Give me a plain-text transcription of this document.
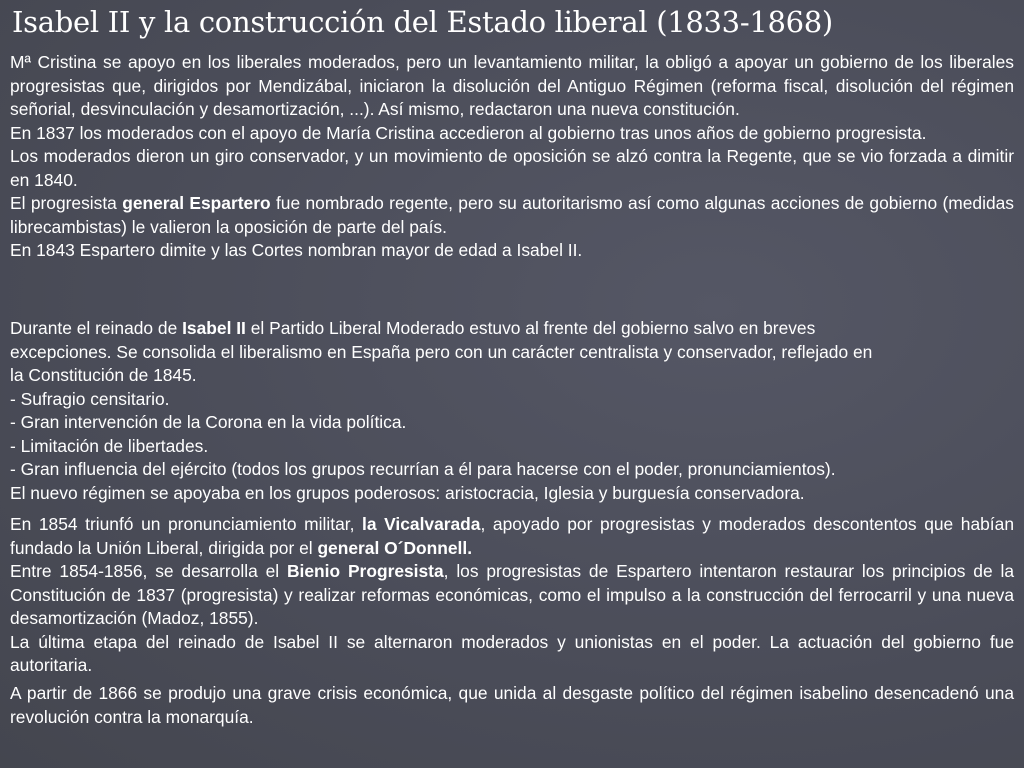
Isabel II y la construcción del Estado liberal (1833-1868)
Mª Cristina se apoyo en los liberales moderados, pero un levantamiento militar, la obligó a apoyar un gobierno de los liberales progresistas que, dirigidos por Mendizábal, iniciaron la disolución del Antiguo Régimen (reforma fiscal, disolución del régimen señorial, desvinculación y desamortización, ...). Así mismo, redactaron una nueva constitución.
En 1837 los moderados con el apoyo de María Cristina accedieron al gobierno tras unos años de gobierno progresista.
Los moderados dieron un giro conservador, y un movimiento de oposición se alzó contra la Regente, que se vio forzada a dimitir en 1840.
El progresista general Espartero fue nombrado regente, pero su autoritarismo así como algunas acciones de gobierno (medidas librecambistas) le valieron la oposición de parte del país.
En 1843 Espartero dimite y las Cortes nombran mayor de edad a Isabel II.
Durante el reinado de Isabel II el Partido Liberal Moderado estuvo al frente del gobierno salvo en breves
excepciones. Se consolida el liberalismo en España pero con un carácter centralista y conservador, reflejado en
la Constitución de 1845.
- Sufragio censitario.
- Gran intervención de la Corona en la vida política.
- Limitación de libertades.
- Gran influencia del ejército (todos los grupos recurrían a él para hacerse con el poder, pronunciamientos).
El nuevo régimen se apoyaba en los grupos poderosos: aristocracia, Iglesia y burguesía conservadora.
En 1854 triunfó un pronunciamiento militar, la Vicalvarada, apoyado por progresistas y moderados descontentos que habían fundado la Unión Liberal, dirigida por el general O´Donnell.
Entre 1854-1856, se desarrolla el Bienio Progresista, los progresistas de Espartero intentaron restaurar los principios de la Constitución de 1837 (progresista) y realizar reformas económicas, como el impulso a la construcción del ferrocarril y una nueva desamortización (Madoz, 1855).
La última etapa del reinado de Isabel II se alternaron moderados y unionistas en el poder. La actuación del gobierno fue autoritaria.
A partir de 1866 se produjo una grave crisis económica, que unida al desgaste político del régimen isabelino desencadenó una revolución contra la monarquía.
